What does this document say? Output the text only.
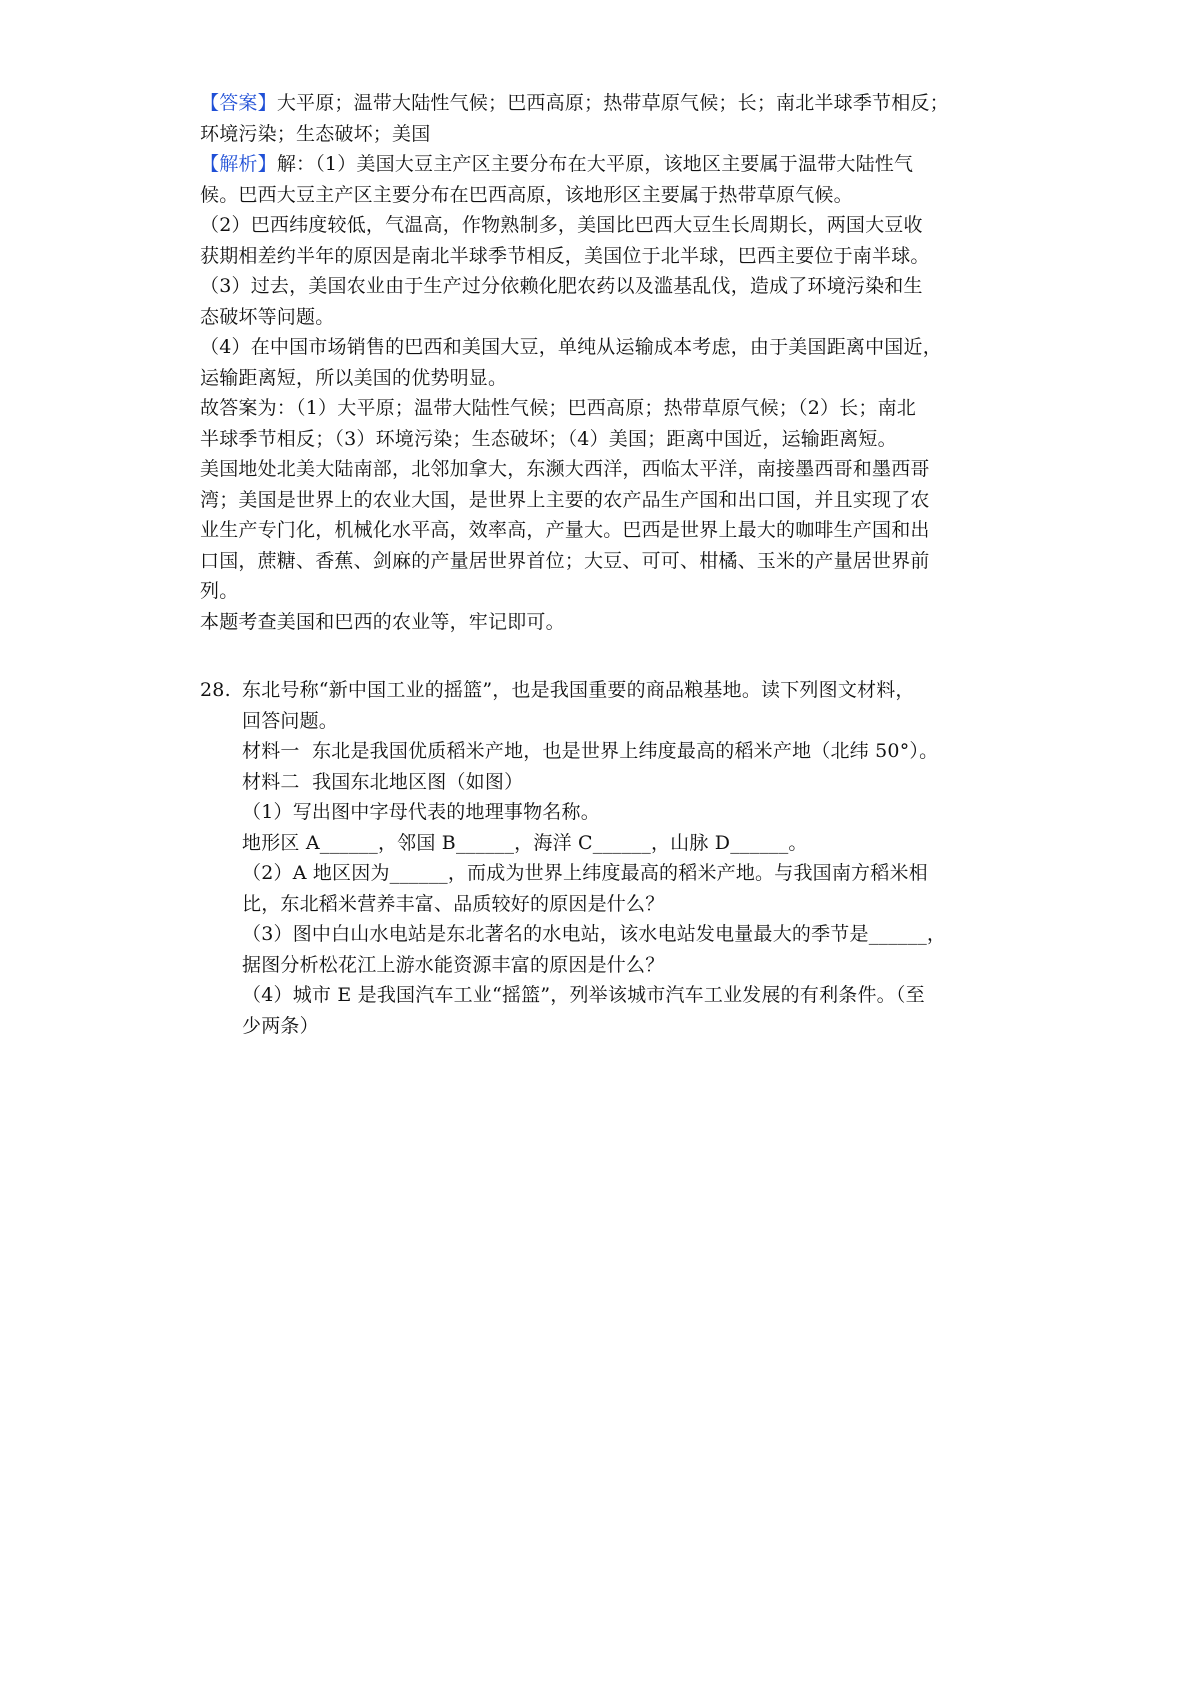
【答案】大平原；温带大陆性气候；巴西高原；热带草原气候；长；南北半球季节相反；
环境污染；生态破坏；美国
【解析】解：（1）美国大豆主产区主要分布在大平原，该地区主要属于温带大陆性气
候。巴西大豆主产区主要分布在巴西高原，该地形区主要属于热带草原气候。
（2）巴西纬度较低，气温高，作物熟制多，美国比巴西大豆生长周期长，两国大豆收
获期相差约半年的原因是南北半球季节相反，美国位于北半球，巴西主要位于南半球。
（3）过去，美国农业由于生产过分依赖化肥农药以及滥基乱伐，造成了环境污染和生
态破坏等问题。
（4）在中国市场销售的巴西和美国大豆，单纯从运输成本考虑，由于美国距离中国近，
运输距离短，所以美国的优势明显。
故答案为：（1）大平原；温带大陆性气候；巴西高原；热带草原气候；（2）长；南北
半球季节相反；（3）环境污染；生态破坏；（4）美国；距离中国近，运输距离短。
美国地处北美大陆南部，北邻加拿大，东濒大西洋，西临太平洋，南接墨西哥和墨西哥
湾；美国是世界上的农业大国，是世界上主要的农产品生产国和出口国，并且实现了农
业生产专门化，机械化水平高，效率高，产量大。巴西是世界上最大的咖啡生产国和出
口国，蔗糖、香蕉、剑麻的产量居世界首位；大豆、可可、柑橘、玉米的产量居世界前
列。
本题考查美国和巴西的农业等，牢记即可。
28. 东北号称“新中国工业的摇篮”，也是我国重要的商品粮基地。读下列图文材料，
回答问题。
材料一  东北是我国优质稻米产地，也是世界上纬度最高的稻米产地（北纬 50°）。
材料二  我国东北地区图（如图）
（1）写出图中字母代表的地理事物名称。
地形区 A______，邻国 B______，海洋 C______，山脉 D______。
（2）A 地区因为______，而成为世界上纬度最高的稻米产地。与我国南方稻米相
比，东北稻米营养丰富、品质较好的原因是什么？
（3）图中白山水电站是东北著名的水电站，该水电站发电量最大的季节是______，
据图分析松花江上游水能资源丰富的原因是什么？
（4）城市 E 是我国汽车工业“摇篮”，列举该城市汽车工业发展的有利条件。（至
少两条）
